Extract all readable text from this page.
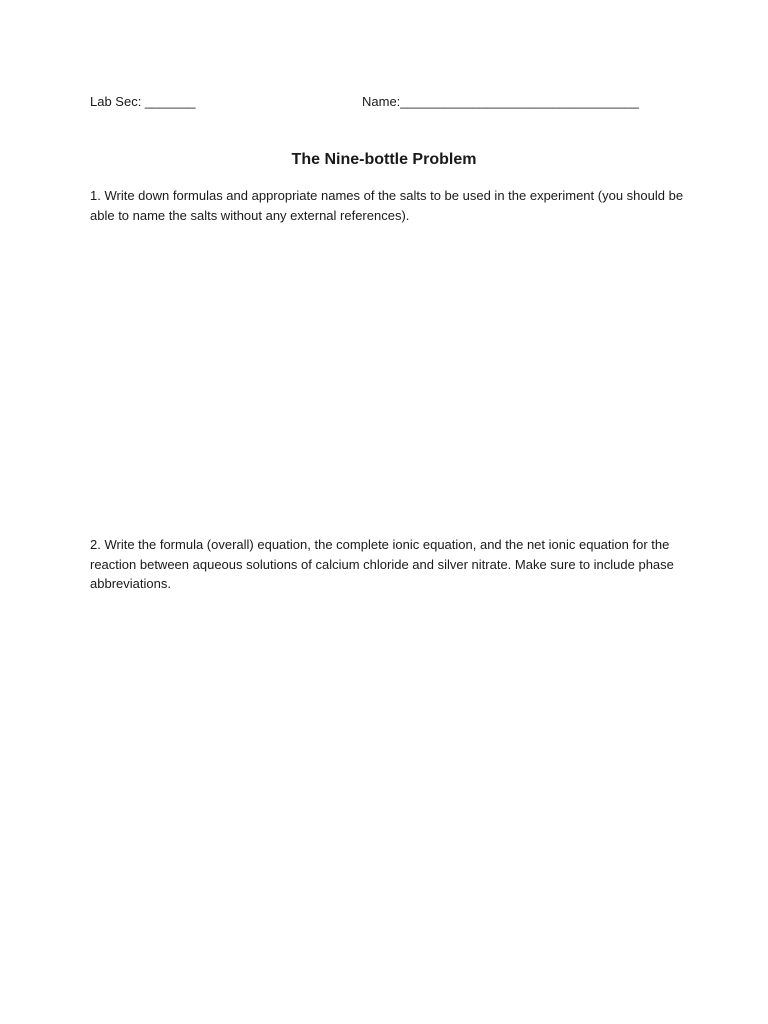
Lab Sec: _______	Name:_________________________________
The Nine-bottle Problem
1. Write down formulas and appropriate names of the salts to be used in the experiment (you should be able to name the salts without any external references).
2. Write the formula (overall) equation, the complete ionic equation, and the net ionic equation for the reaction between aqueous solutions of calcium chloride and silver nitrate. Make sure to include phase abbreviations.
